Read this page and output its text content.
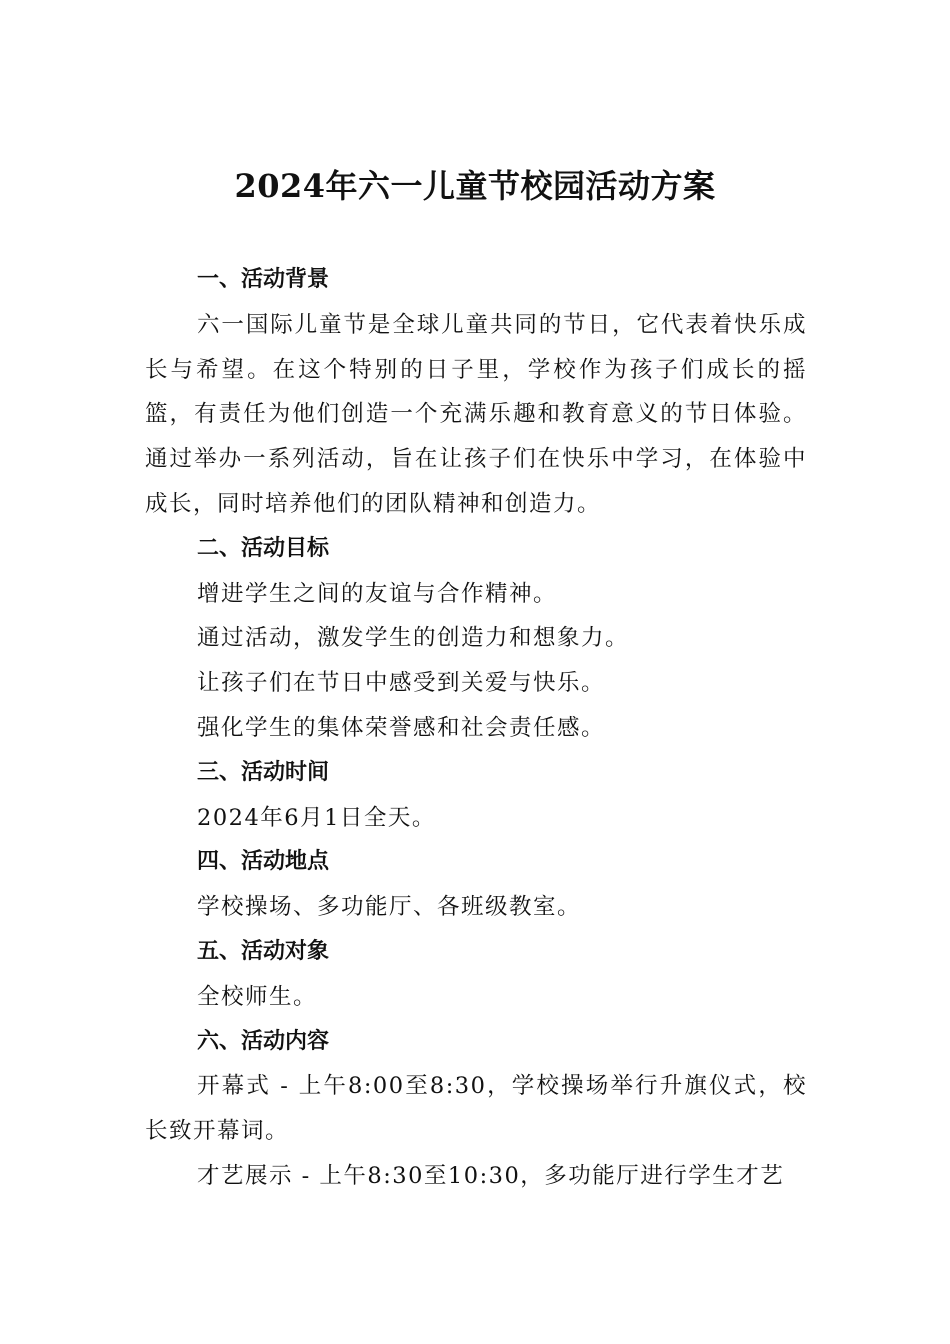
2024年六一儿童节校园活动方案

一、活动背景

六一国际儿童节是全球儿童共同的节日，它代表着快乐成长与希望。在这个特别的日子里，学校作为孩子们成长的摇篮，有责任为他们创造一个充满乐趣和教育意义的节日体验。通过举办一系列活动，旨在让孩子们在快乐中学习，在体验中成长，同时培养他们的团队精神和创造力。

二、活动目标

增进学生之间的友谊与合作精神。

通过活动，激发学生的创造力和想象力。

让孩子们在节日中感受到关爱与快乐。

强化学生的集体荣誉感和社会责任感。

三、活动时间

2024年6月1日全天。

四、活动地点

学校操场、多功能厅、各班级教室。

五、活动对象

全校师生。

六、活动内容

开幕式 - 上午8:00至8:30，学校操场举行升旗仪式，校长致开幕词。

才艺展示 - 上午8:30至10:30，多功能厅进行学生才艺
